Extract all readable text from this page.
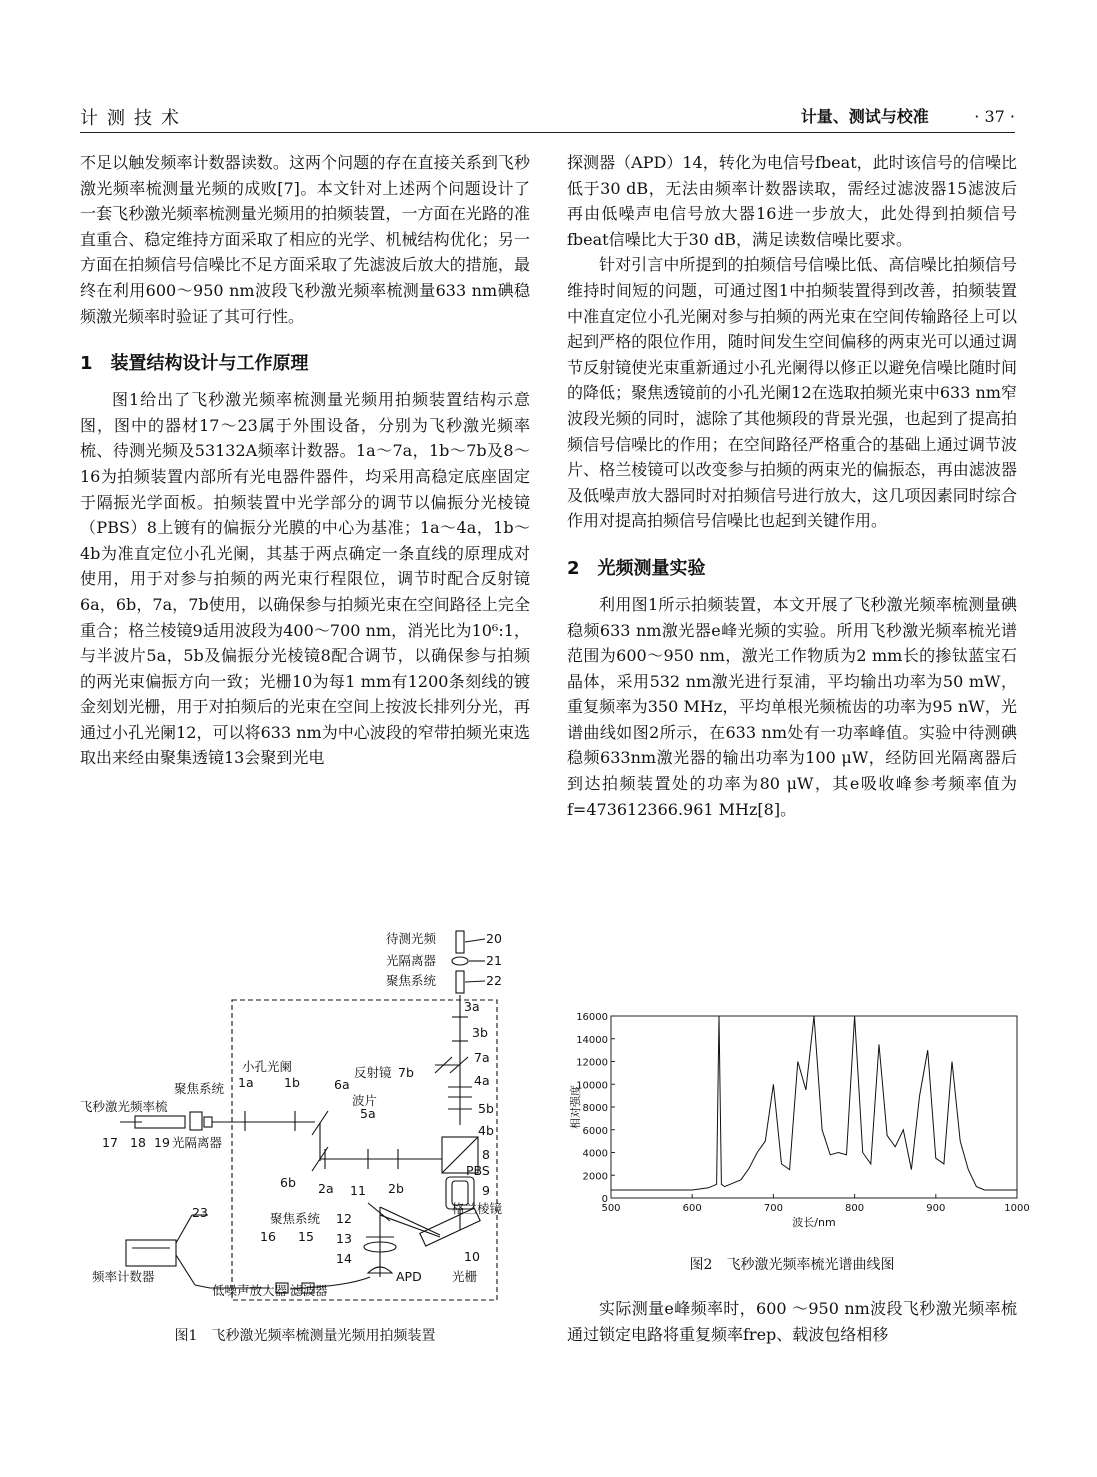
计测技术	计量、测试与校准	· 37 ·

不足以触发频率计数器读数。这两个问题的存在直接关系到飞秒激光频率梳测量光频的成败[7]。本文针对上述两个问题设计了一套飞秒激光频率梳测量光频用的拍频装置，一方面在光路的准直重合、稳定维持方面采取了相应的光学、机械结构优化；另一方面在拍频信号信噪比不足方面采取了先滤波后放大的措施，最终在利用600～950 nm波段飞秒激光频率梳测量633 nm碘稳频激光频率时验证了其可行性。

1 装置结构设计与工作原理

图1给出了飞秒激光频率梳测量光频用拍频装置结构示意图，图中的器材17～23属于外围设备，分别为飞秒激光频率梳、待测光频及53132A频率计数器。1a～7a，1b～7b及8～16为拍频装置内部所有光电器件器件，均采用高稳定底座固定于隔振光学面板。拍频装置中光学部分的调节以偏振分光棱镜（PBS）8上镀有的偏振分光膜的中心为基准；1a～4a，1b～4b为准直定位小孔光阑，其基于两点确定一条直线的原理成对使用，用于对参与拍频的两光束行程限位，调节时配合反射镜6a，6b，7a，7b使用，以确保参与拍频光束在空间路径上完全重合；格兰棱镜9适用波段为400～700 nm，消光比为10⁶:1，与半波片5a，5b及偏振分光棱镜8配合调节，以确保参与拍频的两光束偏振方向一致；光栅10为每1 mm有1200条刻线的镀金刻划光栅，用于对拍频后的光束在空间上按波长排列分光，再通过小孔光阑12，可以将633 nm为中心波段的窄带拍频光束选取出来经由聚集透镜13会聚到光电

待测光频	20
光隔离器	21
聚焦系统	22
3a
3b
7a
4a
5b
4b
8
PBS
9
格兰棱镜
小孔光阑
1a 1b	6a
反射镜 7b
聚焦系统
飞秒激光频率梳	波片
5a
17 18 19 光隔离器
6b 2a 11 2b
23	聚焦系统 12
13
14
16 15
频率计数器
低噪声放大器 滤波器
APD
10
光栅
图1　飞秒激光频率梳测量光频用拍频装置

探测器（APD）14，转化为电信号fbeat，此时该信号的信噪比低于30 dB，无法由频率计数器读取，需经过滤波器15滤波后再由低噪声电信号放大器16进一步放大，此处得到拍频信号fbeat信噪比大于30 dB，满足读数信噪比要求。

针对引言中所提到的拍频信号信噪比低、高信噪比拍频信号维持时间短的问题，可通过图1中拍频装置得到改善，拍频装置中准直定位小孔光阑对参与拍频的两光束在空间传输路径上可以起到严格的限位作用，随时间发生空间偏移的两束光可以通过调节反射镜使光束重新通过小孔光阑得以修正以避免信噪比随时间的降低；聚焦透镜前的小孔光阑12在选取拍频光束中633 nm窄波段光频的同时，滤除了其他频段的背景光强，也起到了提高拍频信号信噪比的作用；在空间路径严格重合的基础上通过调节波片、格兰棱镜可以改变参与拍频的两束光的偏振态，再由滤波器及低噪声放大器同时对拍频信号进行放大，这几项因素同时综合作用对提高拍频信号信噪比也起到关键作用。

2 光频测量实验

利用图1所示拍频装置，本文开展了飞秒激光频率梳测量碘稳频633 nm激光器e峰光频的实验。所用飞秒激光频率梳光谱范围为600～950 nm，激光工作物质为2 mm长的掺钛蓝宝石晶体，采用532 nm激光进行泵浦，平均输出功率为50 mW，重复频率为350 MHz，平均单根光频梳齿的功率为95 nW，光谱曲线如图2所示，在633 nm处有一功率峰值。实验中待测碘稳频633nm激光器的输出功率为100 μW，经防回光隔离器后到达拍频装置处的功率为80 μW，其e吸收峰参考频率值为f=473612366.961 MHz[8]。

0
2000
4000
6000
8000
10000
12000
14000
16000
500	600	700	800	900	1000
波长/nm
相对强度
图2　飞秒激光频率梳光谱曲线图

实际测量e峰频率时，600 ～950 nm波段飞秒激光频率梳通过锁定电路将重复频率frep、载波包络相移
